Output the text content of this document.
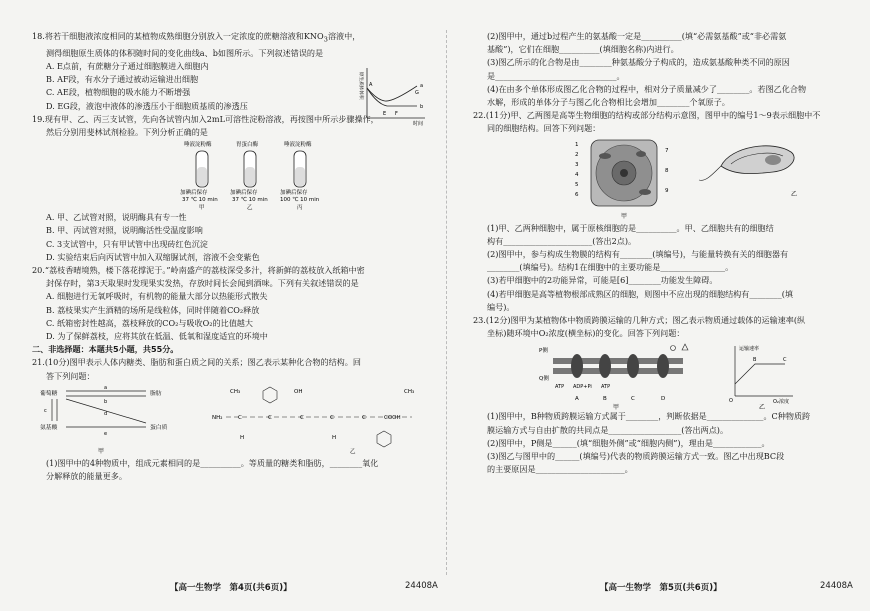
18.将若干细胞液浓度相同的某植物成熟细胞分别放入一定浓度的蔗糖溶液和$KNO_3$溶液中，

测得细胞原生质体的体积随时间的变化曲线a、b如图所示。下列叙述错误的是

A. E点前，有蔗糖分子通过细胞膜进入细胞内

B. AF段，有水分子通过被动运输进出细胞

C. AE段，植物细胞的吸水能力不断增强

D. EG段，液泡中液体的渗透压小于细胞质基质的渗透压

原生质体体积
时间
a
b
A
E F
G

19.现有甲、乙、丙三支试管，先向各试管内加入2mL可溶性淀粉溶液，再按图中所示步骤操作，

然后分别用斐林试剂检验。下列分析正确的是

唾液淀粉酶
加碘后保存
37 ℃ 10 min
甲
胃蛋白酶
加碘后保存
37 ℃ 10 min
乙
唾液淀粉酶
加碘后保存
100 ℃ 10 min
丙

A. 甲、乙试管对照，说明酶具有专一性

B. 甲、丙试管对照，说明酶活性受温度影响

C. 3支试管中，只有甲试管中出现砖红色沉淀

D. 实验结束后向丙试管中加入双缩脲试剂，溶液不会变紫色

20.“荔枝香晴境熟，楼下落花撑泥于。”岭南盛产的荔枝深受多汁，将新鲜的荔枝放入纸箱中密

封保存时，第3天取果时发现果实发热，存放时间长会闻到酒味。下列有关叙述错误的是

A. 细胞进行无氧呼吸时，有机物的能量大部分以热能形式散失

B. 荔枝果实产生酒精的场所是线粒体，同时伴随着CO₂释放

C. 纸箱密封性越高，荔枝释放的CO₂与吸收O₂的比值越大

D. 为了保鲜荔枝，应将其放在低温、低氧和湿度适宜的环境中

二、非选择题：本题共5小题，共55分。

21.(10分)图甲表示人体内糖类、脂肪和蛋白质之间的关系；图乙表示某种化合物的结构。回

答下列问题：

葡萄糖	脂肪
氨基酸	蛋白质
a
b
c	d
e
甲
CH₃	OH
NH₂	C	C	C	C	C	COOH
H	H
CH₃
乙

(1)图甲中的4种物质中，组成元素相同的是__________。等质量的糖类和脂肪，________氧化

分解释放的能量更多。

【高一生物学　第4页(共6页)】	24408A

(2)图甲中，通过b过程产生的氨基酸一定是__________(填“必需氨基酸”或“非必需氨

基酸”)，它们在细胞__________(填细胞名称)内进行。

(3)图乙所示的化合物是由________种氨基酸分子构成的，造成氨基酸种类不同的原因

是______________________________。

(4)在由多个单体形成图乙化合物的过程中，相对分子质量减少了________。若图乙化合物

水解，形成的单体分子与图乙化合物相比会增加________个氧原子。

22.(11分)甲、乙两图是高等生物细胞的结构或部分结构示意图，图甲中的编号1～9表示细胞中不

同的细胞结构。回答下列问题：

1
2
3
4
5
6
7
8
9
甲
乙

(1)甲、乙两种细胞中，属于原核细胞的是__________。甲、乙细胞共有的细胞结

构有______________________(答出2点)。

(2)图甲中，参与构成生物膜的结构有________(填编号)，与能量转换有关的细胞器有

________(填编号)。结构1在细胞中的主要功能是________________。

(3)若甲细胞中的2功能异常，可能是[6]________功能发生障碍。

(4)若甲细胞是高等植物根部成熟区的细胞，则图中不应出现的细胞结构有________(填

编号)。

23.(12分)图甲为某植物体中物质跨膜运输的几种方式；图乙表示物质通过载体的运输速率(纵

坐标)随环境中O₂浓度(横坐标)的变化。回答下列问题：

P侧
Q侧
ATP ADP+Pi ATP
A	B	C	D
甲
运输速率
O₂浓度
B	C
O
乙

(1)图甲中，B种物质跨膜运输方式属于________，判断依据是______________。C种物质跨

膜运输方式与自由扩散的共同点是__________________(答出两点)。

(2)图甲中，P侧是______(填“细胞外侧”或“细胞内侧”)，理由是____________。

(3)图乙与图甲中的______(填编号)代表的物质跨膜运输方式一致。图乙中出现BC段

的主要原因是______________________。

【高一生物学　第5页(共6页)】	24408A
